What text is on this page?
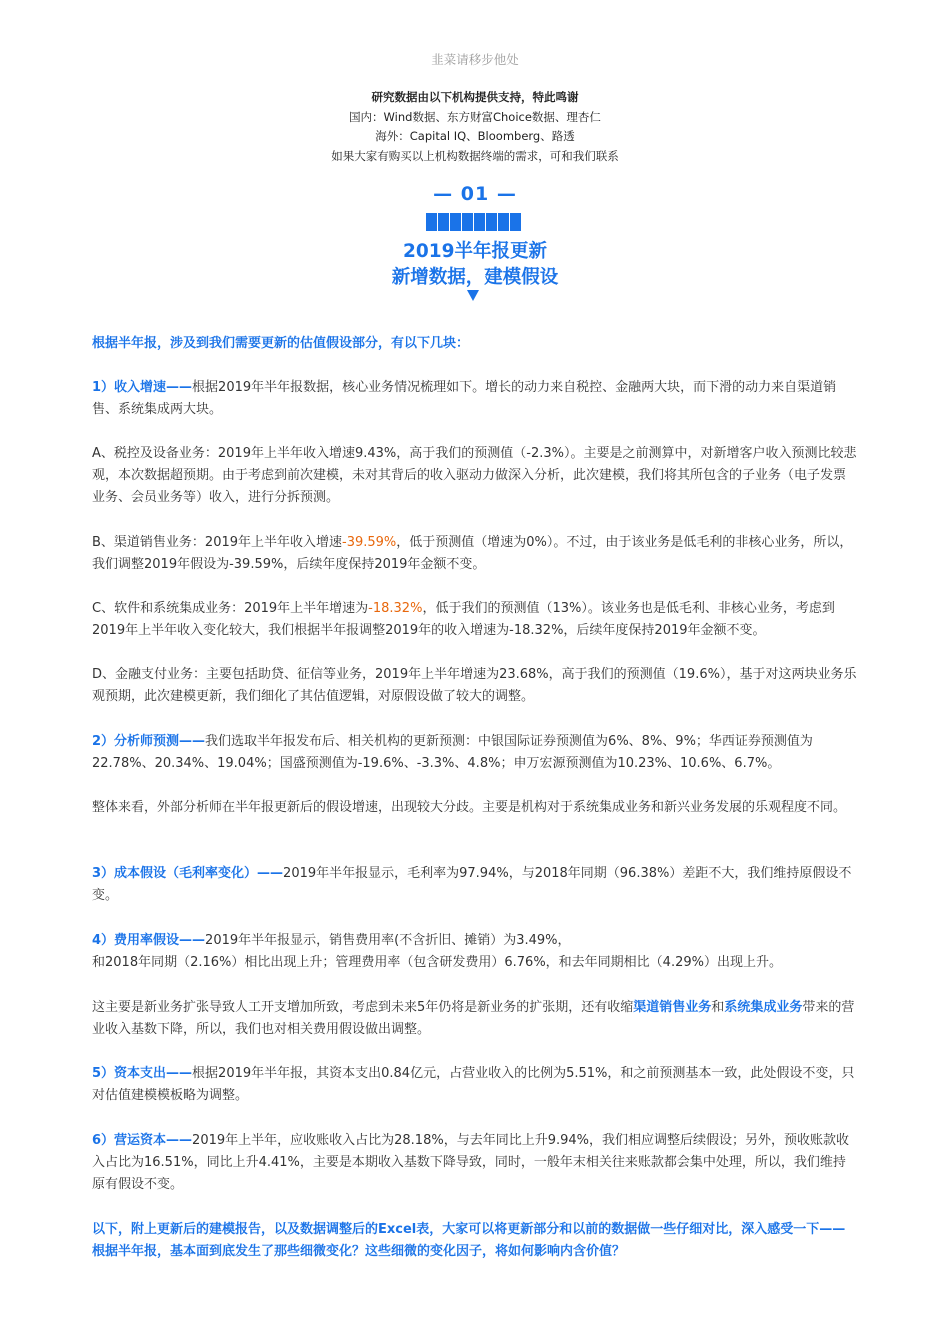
韭菜请移步他处
研究数据由以下机构提供支持，特此鸣谢
国内：Wind数据、东方财富Choice数据、理杏仁
海外：Capital IQ、Bloomberg、路透
如果大家有购买以上机构数据终端的需求，可和我们联系
— 01 —
2019半年报更新
新增数据，建模假设
根据半年报，涉及到我们需要更新的估值假设部分，有以下几块：
1）收入增速——根据2019年半年报数据，核心业务情况梳理如下。增长的动力来自税控、金融两大块，而下滑的动力来自渠道销售、系统集成两大块。
A、税控及设备业务：2019年上半年收入增速9.43%，高于我们的预测值（-2.3%）。主要是之前测算中，对新增客户收入预测比较悲观，本次数据超预期。由于考虑到前次建模，未对其背后的收入驱动力做深入分析，此次建模，我们将其所包含的子业务（电子发票业务、会员业务等）收入，进行分拆预测。
B、渠道销售业务：2019年上半年收入增速-39.59%，低于预测值（增速为0%）。不过，由于该业务是低毛利的非核心业务，所以，我们调整2019年假设为-39.59%，后续年度保持2019年金额不变。
C、软件和系统集成业务：2019年上半年增速为-18.32%，低于我们的预测值（13%）。该业务也是低毛利、非核心业务，考虑到2019年上半年收入变化较大，我们根据半年报调整2019年的收入增速为-18.32%，后续年度保持2019年金额不变。
D、金融支付业务：主要包括助贷、征信等业务，2019年上半年增速为23.68%，高于我们的预测值（19.6%），基于对这两块业务乐观预期，此次建模更新，我们细化了其估值逻辑，对原假设做了较大的调整。
2）分析师预测——我们选取半年报发布后、相关机构的更新预测：中银国际证券预测值为6%、8%、9%；华西证券预测值为22.78%、20.34%、19.04%；国盛预测值为-19.6%、-3.3%、4.8%；申万宏源预测值为10.23%、10.6%、6.7%。
整体来看，外部分析师在半年报更新后的假设增速，出现较大分歧。主要是机构对于系统集成业务和新兴业务发展的乐观程度不同。
3）成本假设（毛利率变化）——2019年半年报显示，毛利率为97.94%，与2018年同期（96.38%）差距不大，我们维持原假设不变。
4）费用率假设——2019年半年报显示，销售费用率(不含折旧、摊销）为3.49%，
和2018年同期（2.16%）相比出现上升；管理费用率（包含研发费用）6.76%，和去年同期相比（4.29%）出现上升。
这主要是新业务扩张导致人工开支增加所致，考虑到未来5年仍将是新业务的扩张期，还有收缩渠道销售业务和系统集成业务带来的营业收入基数下降，所以，我们也对相关费用假设做出调整。
5）资本支出——根据2019年半年报，其资本支出0.84亿元，占营业收入的比例为5.51%，和之前预测基本一致，此处假设不变，只对估值建模模板略为调整。
6）营运资本——2019年上半年，应收账收入占比为28.18%，与去年同比上升9.94%，我们相应调整后续假设；另外，预收账款收入占比为16.51%，同比上升4.41%，主要是本期收入基数下降导致，同时，一般年末相关往来账款都会集中处理，所以，我们维持原有假设不变。
以下，附上更新后的建模报告，以及数据调整后的Excel表，大家可以将更新部分和以前的数据做一些仔细对比，深入感受一下——根据半年报，基本面到底发生了那些细微变化？这些细微的变化因子，将如何影响内含价值？
